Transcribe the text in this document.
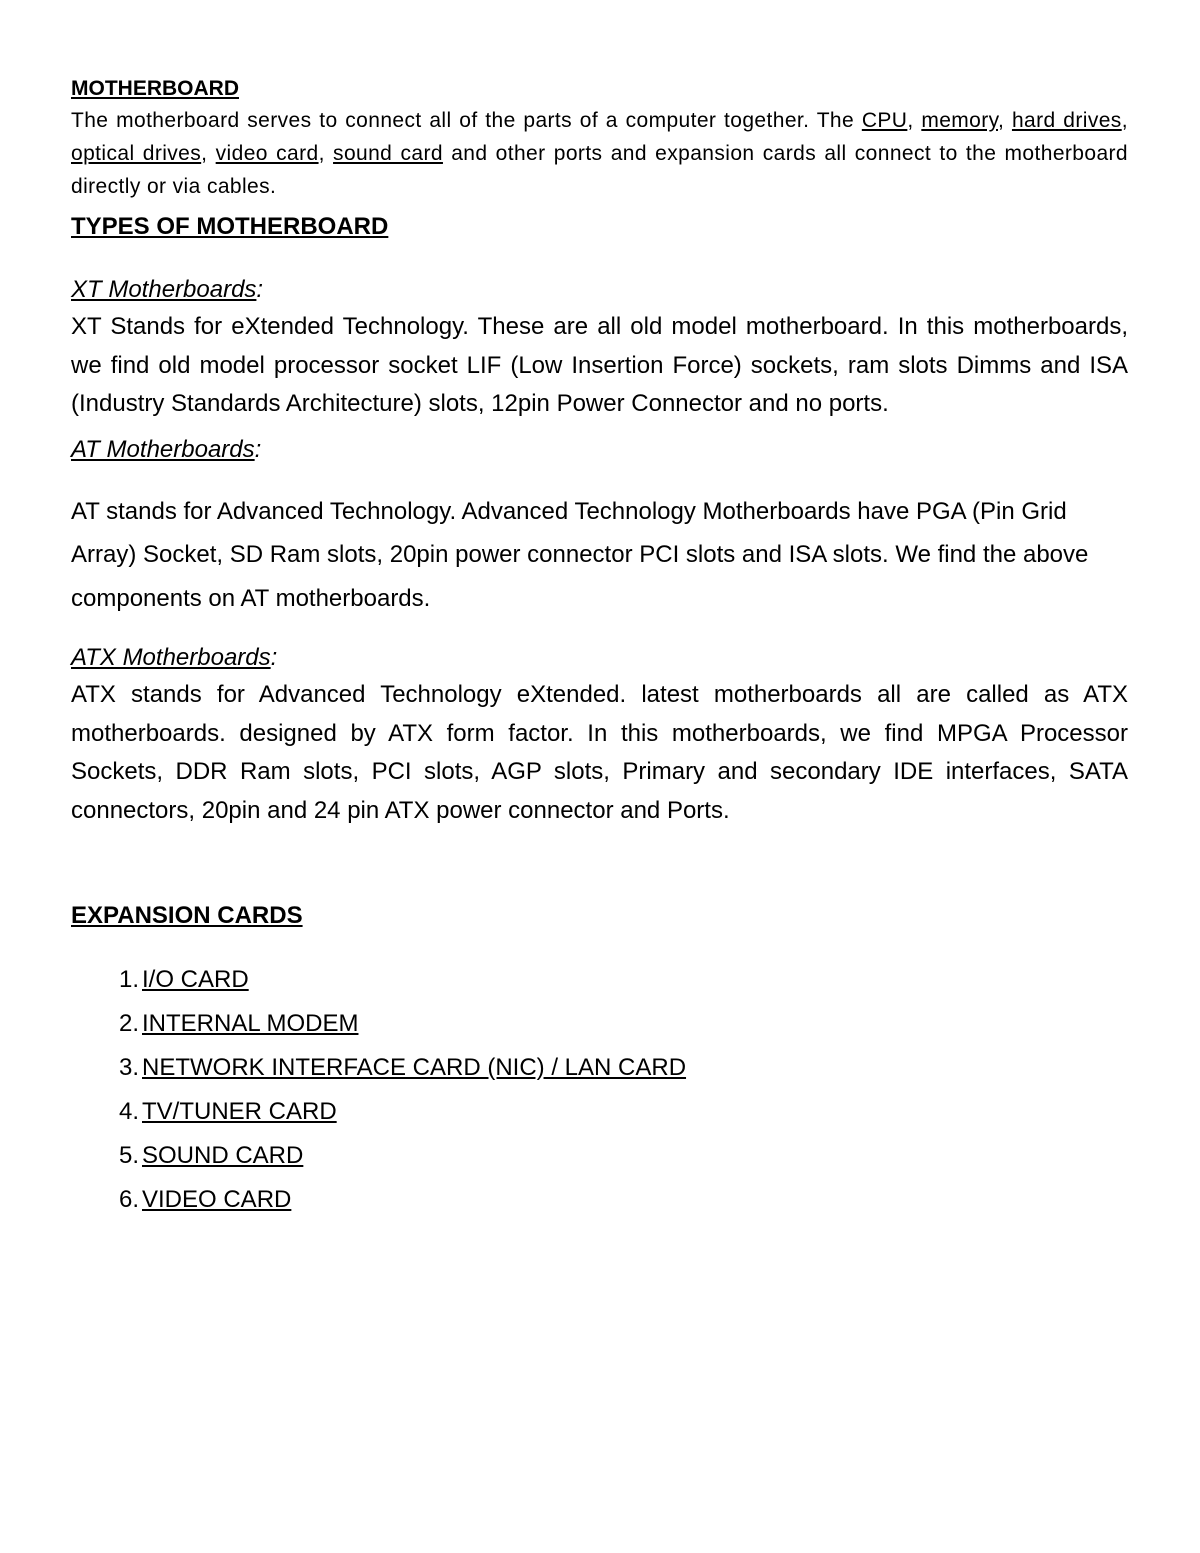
MOTHERBOARD

The motherboard serves to connect all of the parts of a computer together. The CPU, memory, hard drives, optical drives, video card, sound card and other ports and expansion cards all connect to the motherboard directly or via cables.

TYPES OF MOTHERBOARD

XT Motherboards:

XT Stands for eXtended Technology. These are all old model motherboard. In this motherboards, we find old model processor socket LIF (Low Insertion Force) sockets, ram slots Dimms and ISA (Industry Standards Architecture) slots, 12pin Power Connector and no ports.

AT Motherboards:

AT stands for Advanced Technology. Advanced Technology Motherboards have PGA (Pin Grid Array) Socket, SD Ram slots, 20pin power connector PCI slots and ISA slots. We find the above components on AT motherboards.

ATX Motherboards:

ATX stands for Advanced Technology eXtended. latest motherboards all are called as ATX motherboards. designed by ATX form factor. In this motherboards, we find MPGA Processor Sockets, DDR Ram slots, PCI slots, AGP slots, Primary and secondary IDE interfaces, SATA connectors, 20pin and 24 pin ATX power connector and Ports.

EXPANSION CARDS
1. I/O CARD
2. INTERNAL MODEM
3. NETWORK INTERFACE CARD (NIC) / LAN CARD
4. TV/TUNER CARD
5. SOUND CARD
6. VIDEO CARD
